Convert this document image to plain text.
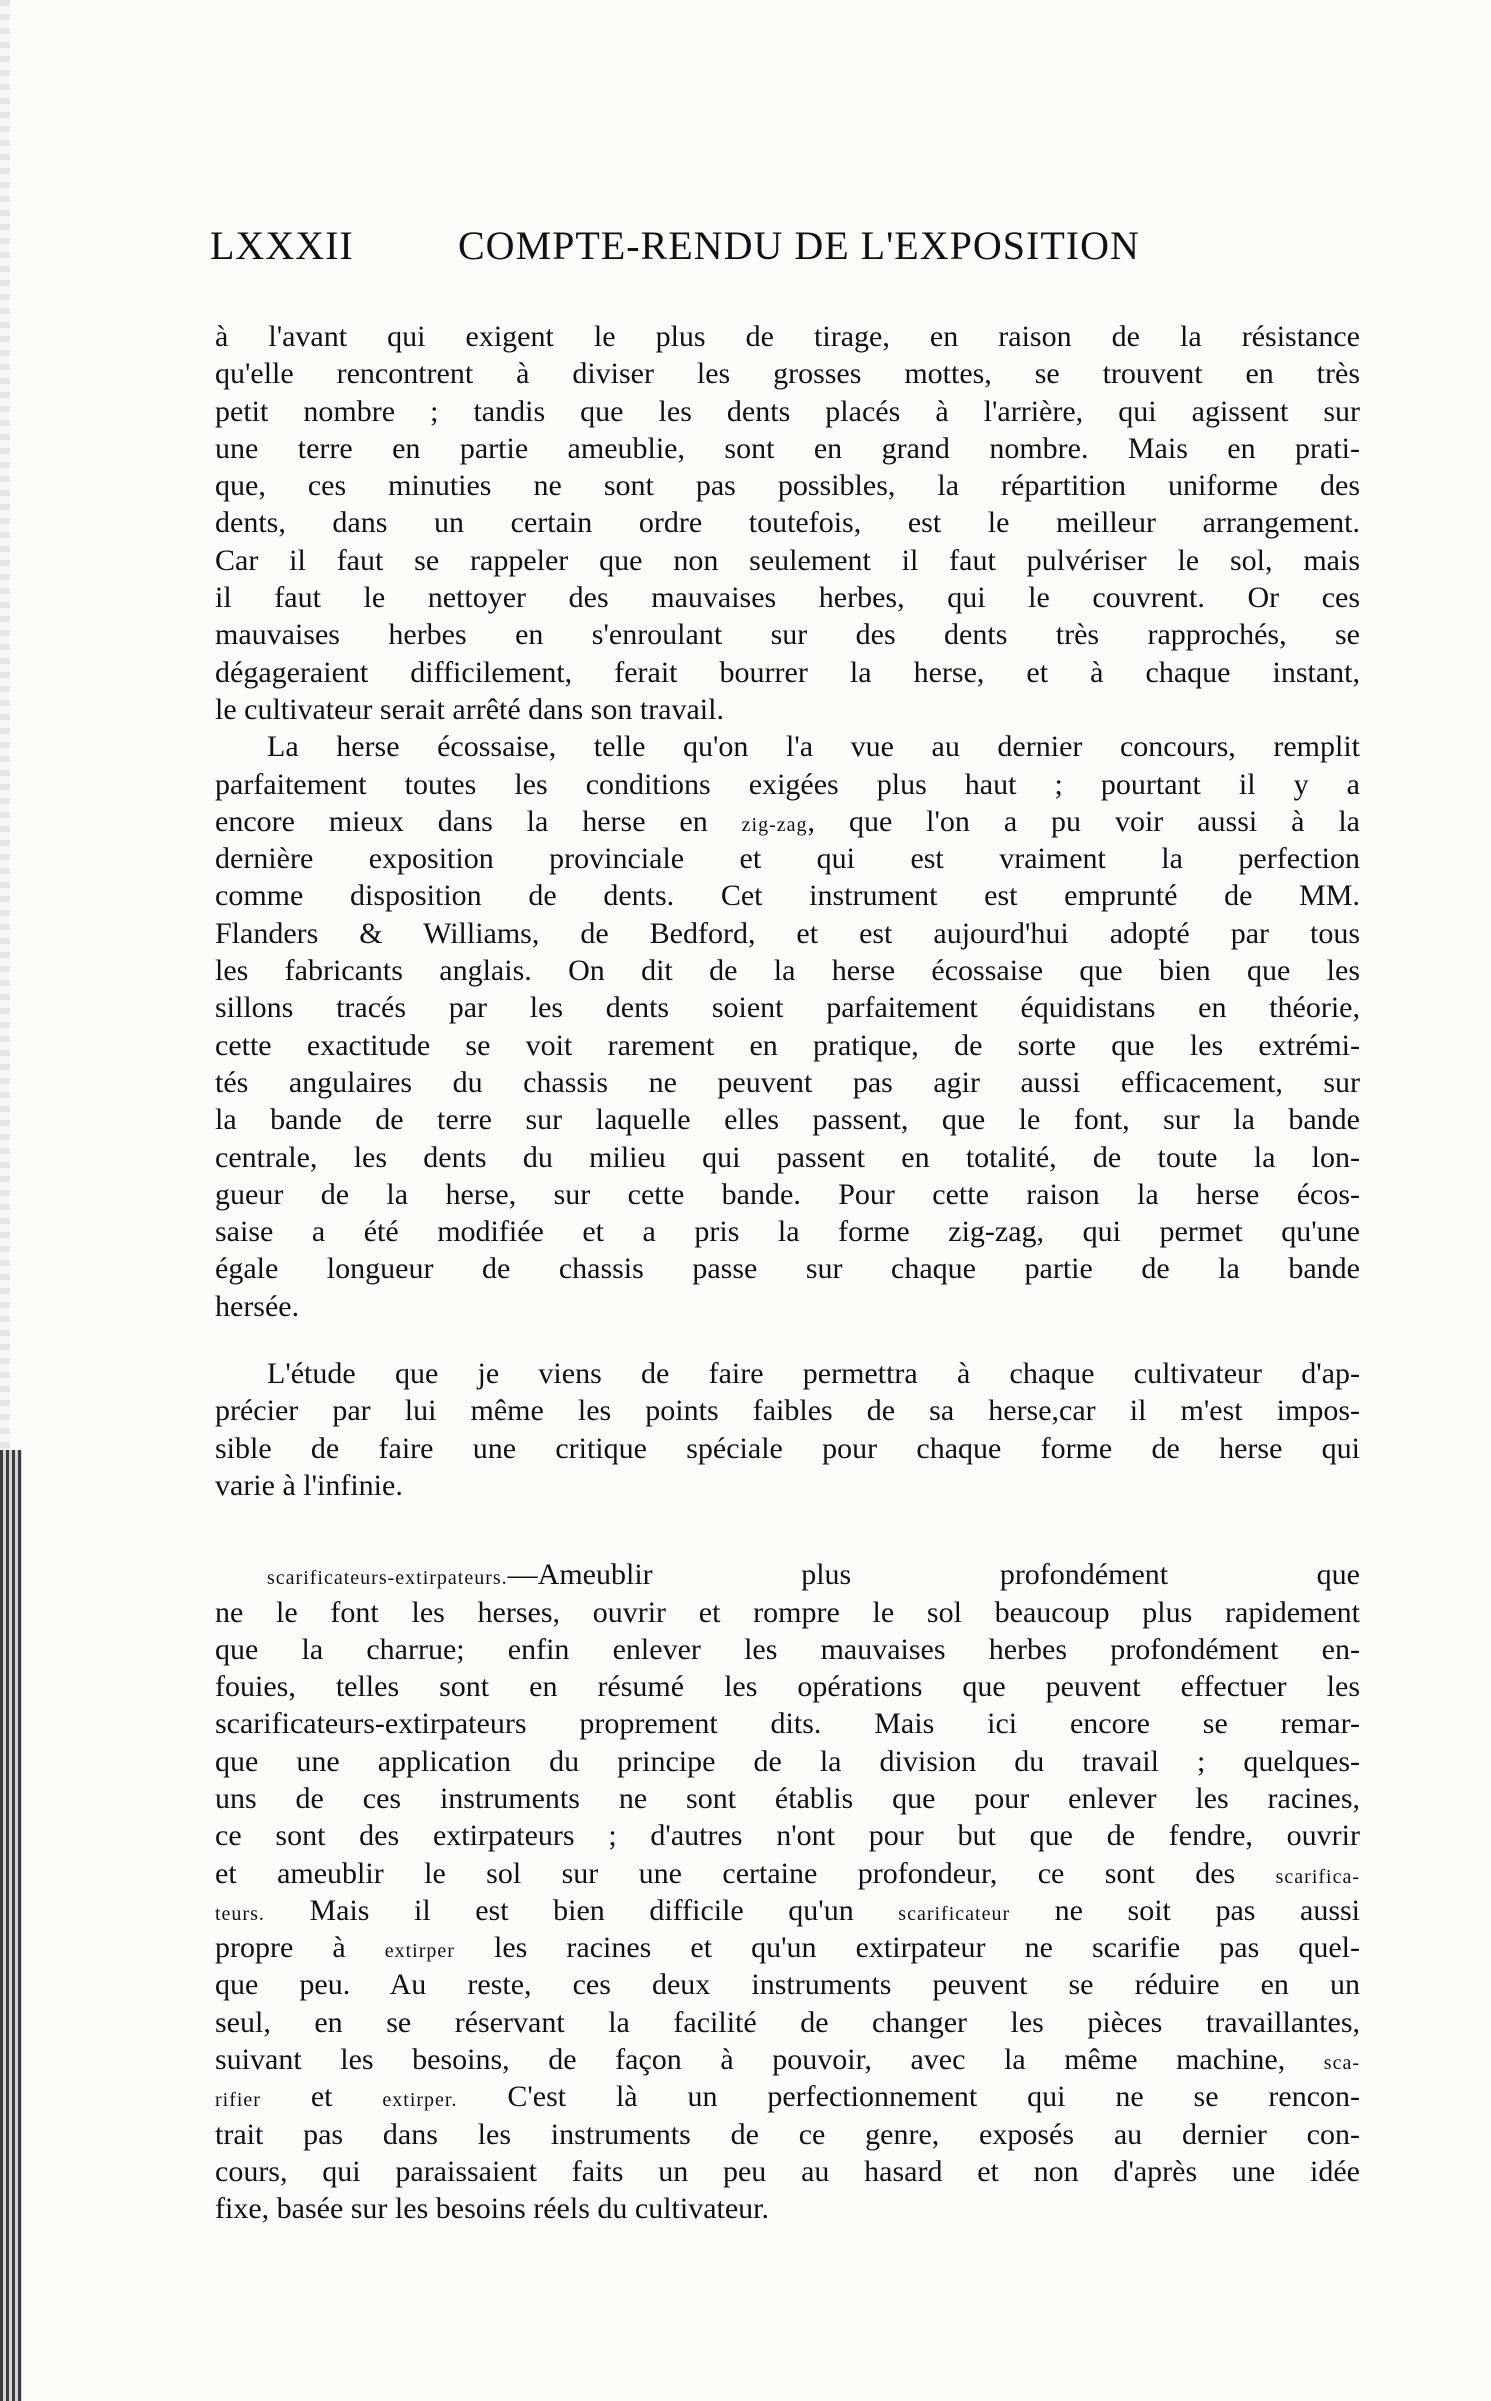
LXXXII	COMPTE-RENDU DE L'EXPOSITION
à l'avant qui exigent le plus de tirage, en raison de la résistance
qu'elle rencontrent à diviser les grosses mottes, se trouvent en très
petit nombre ; tandis que les dents placés à l'arrière, qui agissent sur
une terre en partie ameublie, sont en grand nombre. Mais en prati-
que, ces minuties ne sont pas possibles, la répartition uniforme des
dents, dans un certain ordre toutefois, est le meilleur arrangement.
Car il faut se rappeler que non seulement il faut pulvériser le sol, mais
il faut le nettoyer des mauvaises herbes, qui le couvrent. Or ces
mauvaises herbes en s'enroulant sur des dents très rapprochés, se
dégageraient difficilement, ferait bourrer la herse, et à chaque instant,
le cultivateur serait arrêté dans son travail.
La herse écossaise, telle qu'on l'a vue au dernier concours, remplit
parfaitement toutes les conditions exigées plus haut ; pourtant il y a
encore mieux dans la herse en zig-zag, que l'on a pu voir aussi à la
dernière exposition provinciale et qui est vraiment la perfection
comme disposition de dents. Cet instrument est emprunté de MM.
Flanders & Williams, de Bedford, et est aujourd'hui adopté par tous
les fabricants anglais. On dit de la herse écossaise que bien que les
sillons tracés par les dents soient parfaitement équidistans en théorie,
cette exactitude se voit rarement en pratique, de sorte que les extrémi-
tés angulaires du chassis ne peuvent pas agir aussi efficacement, sur
la bande de terre sur laquelle elles passent, que le font, sur la bande
centrale, les dents du milieu qui passent en totalité, de toute la lon-
gueur de la herse, sur cette bande. Pour cette raison la herse écos-
saise a été modifiée et a pris la forme zig-zag, qui permet qu'une
égale longueur de chassis passe sur chaque partie de la bande
hersée.
L'étude que je viens de faire permettra à chaque cultivateur d'ap-
précier par lui même les points faibles de sa herse,car il m'est impos-
sible de faire une critique spéciale pour chaque forme de herse qui
varie à l'infinie.
scarificateurs-extirpateurs.—Ameublir plus profondément que
ne le font les herses, ouvrir et rompre le sol beaucoup plus rapidement
que la charrue; enfin enlever les mauvaises herbes profondément en-
fouies, telles sont en résumé les opérations que peuvent effectuer les
scarificateurs-extirpateurs proprement dits. Mais ici encore se remar-
que une application du principe de la division du travail ; quelques-
uns de ces instruments ne sont établis que pour enlever les racines,
ce sont des extirpateurs ; d'autres n'ont pour but que de fendre, ouvrir
et ameublir le sol sur une certaine profondeur, ce sont des scarifica-
teurs. Mais il est bien difficile qu'un scarificateur ne soit pas aussi
propre à extirper les racines et qu'un extirpateur ne scarifie pas quel-
que peu. Au reste, ces deux instruments peuvent se réduire en un
seul, en se réservant la facilité de changer les pièces travaillantes,
suivant les besoins, de façon à pouvoir, avec la même machine, sca-
rifier et extirper. C'est là un perfectionnement qui ne se rencon-
trait pas dans les instruments de ce genre, exposés au dernier con-
cours, qui paraissaient faits un peu au hasard et non d'après une idée
fixe, basée sur les besoins réels du cultivateur.
